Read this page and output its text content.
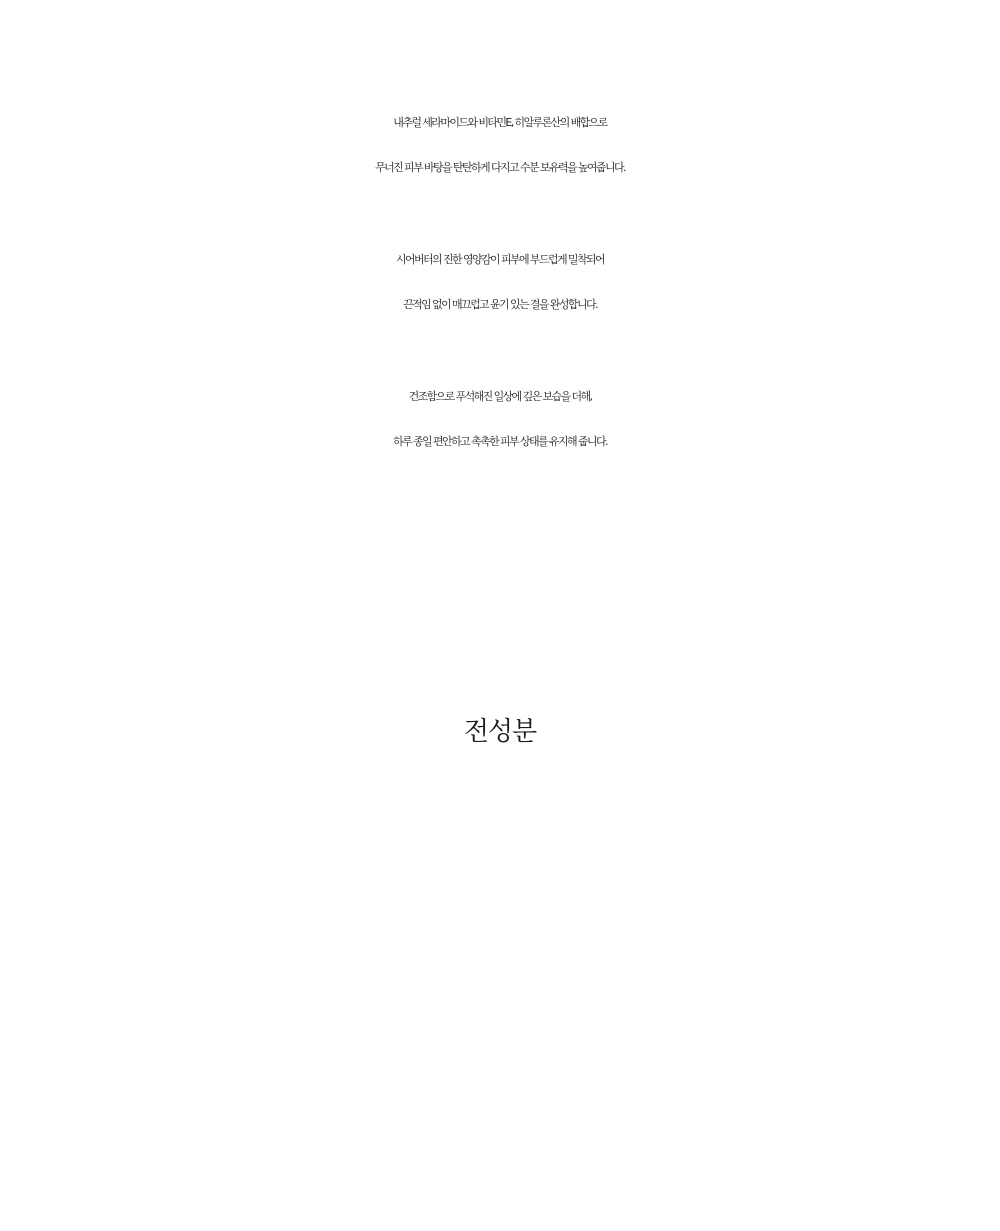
내추럴 세라마이드와 비타민E, 히알루론산의 배합으로
무너진 피부 바탕을 탄탄하게 다지고 수분 보유력을 높여줍니다.

시어버터의 진한 영양감이 피부에 부드럽게 밀착되어
끈적임 없이 매끄럽고 윤기 있는 결을 완성합니다.

건조함으로 푸석해진 일상에 깊은 보습을 더해,
하루 종일 편안하고 촉촉한 피부 상태를 유지해 줍니다.

전성분
